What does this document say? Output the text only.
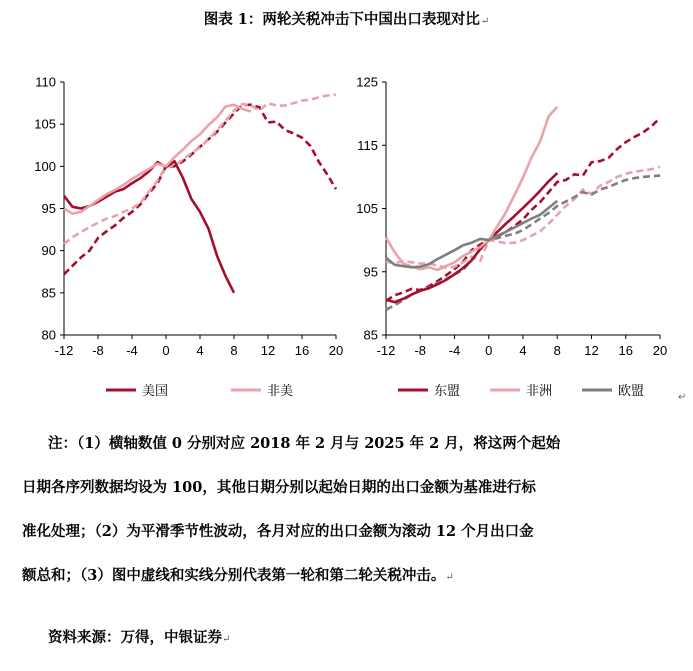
图表 1：两轮关税冲击下中国出口表现对比↵
80
85
90
95
100
105
110
-12 -8 -4 0 4 8 12 16 20
85
95
105
115
125
-12 -8 -4 0 4 8 12 16 20
美国	非美	东盟	非洲	欧盟	↵
注：（1）横轴数值 0 分别对应 2018 年 2 月与 2025 年 2 月，将这两个起始
日期各序列数据均设为 100，其他日期分别以起始日期的出口金额为基准进行标
准化处理；（2）为平滑季节性波动，各月对应的出口金额为滚动 12 个月出口金
额总和；（3）图中虚线和实线分别代表第一轮和第二轮关税冲击。↵
资料来源：万得，中银证券↵
